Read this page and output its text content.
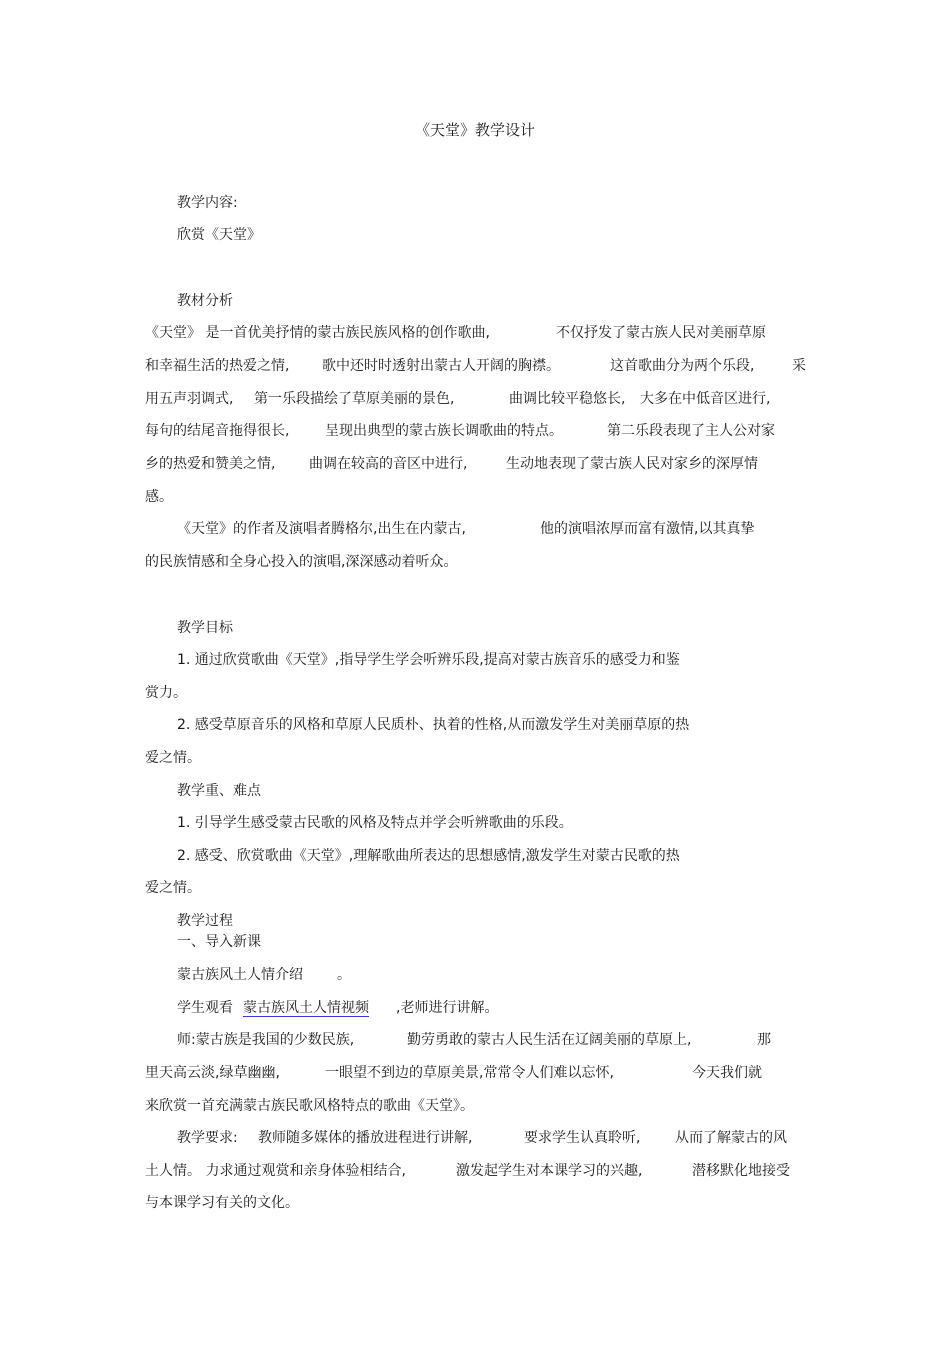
《天堂》教学设计
教学内容:
欣赏《天堂》
教材分析
《天堂》 是一首优美抒情的蒙古族民族风格的创作歌曲,	不仅抒发了蒙古族人民对美丽草原
和幸福生活的热爱之情, 歌中还时时透射出蒙古人开阔的胸襟。	这首歌曲分为两个乐段,	采
用五声羽调式, 第一乐段描绘了草原美丽的景色,	曲调比较平稳悠长, 大多在中低音区进行,
每句的结尾音拖得很长,	呈现出典型的蒙古族长调歌曲的特点。	第二乐段表现了主人公对家
乡的热爱和赞美之情, 曲调在较高的音区中进行,	生动地表现了蒙古族人民对家乡的深厚情
感。
《天堂》的作者及演唱者腾格尔,出生在内蒙古,	他的演唱浓厚而富有激情,以其真挚
的民族情感和全身心投入的演唱,深深感动着听众。
教学目标
1. 通过欣赏歌曲《天堂》,指导学生学会听辨乐段,提高对蒙古族音乐的感受力和鉴
赏力。
2. 感受草原音乐的风格和草原人民质朴、执着的性格,从而激发学生对美丽草原的热
爱之情。
教学重、难点
1. 引导学生感受蒙古民歌的风格及特点并学会听辨歌曲的乐段。
2. 感受、欣赏歌曲《天堂》,理解歌曲所表达的思想感情,激发学生对蒙古民歌的热
爱之情。
教学过程
一、导入新课
蒙古族风土人情介绍 。
学生观看 蒙古族风土人情视频	,老师进行讲解。
师:蒙古族是我国的少数民族,	勤劳勇敢的蒙古人民生活在辽阔美丽的草原上,	那
里天高云淡,绿草幽幽,	一眼望不到边的草原美景,常常令人们难以忘怀,	今天我们就
来欣赏一首充满蒙古族民歌风格特点的歌曲《天堂》。
教学要求: 教师随多媒体的播放进程进行讲解,	要求学生认真聆听, 从而了解蒙古的风
土人情。 力求通过观赏和亲身体验相结合,	激发起学生对本课学习的兴趣,	潜移默化地接受
与本课学习有关的文化。
